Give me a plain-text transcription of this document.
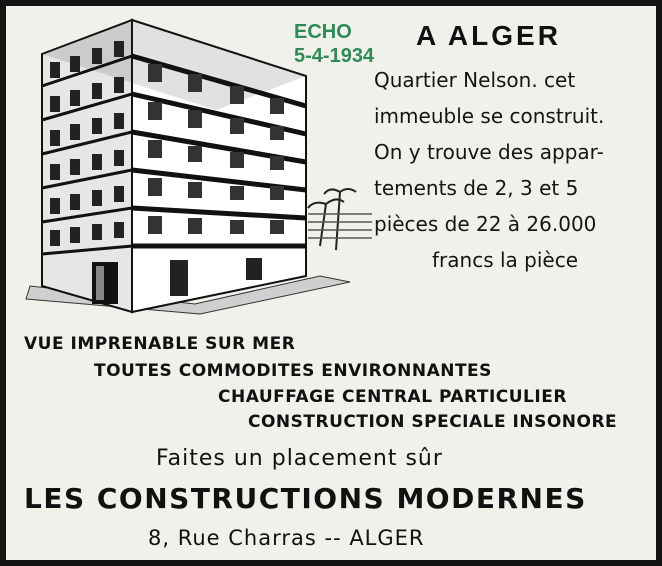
ECHO
5-4-1934
A ALGER
Quartier Nelson. cet
immeuble se construit.
On y trouve des appar-
tements de 2, 3 et 5
pièces de 22 à 26.000
francs la pièce
VUE IMPRENABLE SUR MER
TOUTES COMMODITES ENVIRONNANTES
CHAUFFAGE CENTRAL PARTICULIER
CONSTRUCTION SPECIALE INSONORE
Faites un placement sûr
LES CONSTRUCTIONS MODERNES
8, Rue Charras -- ALGER
